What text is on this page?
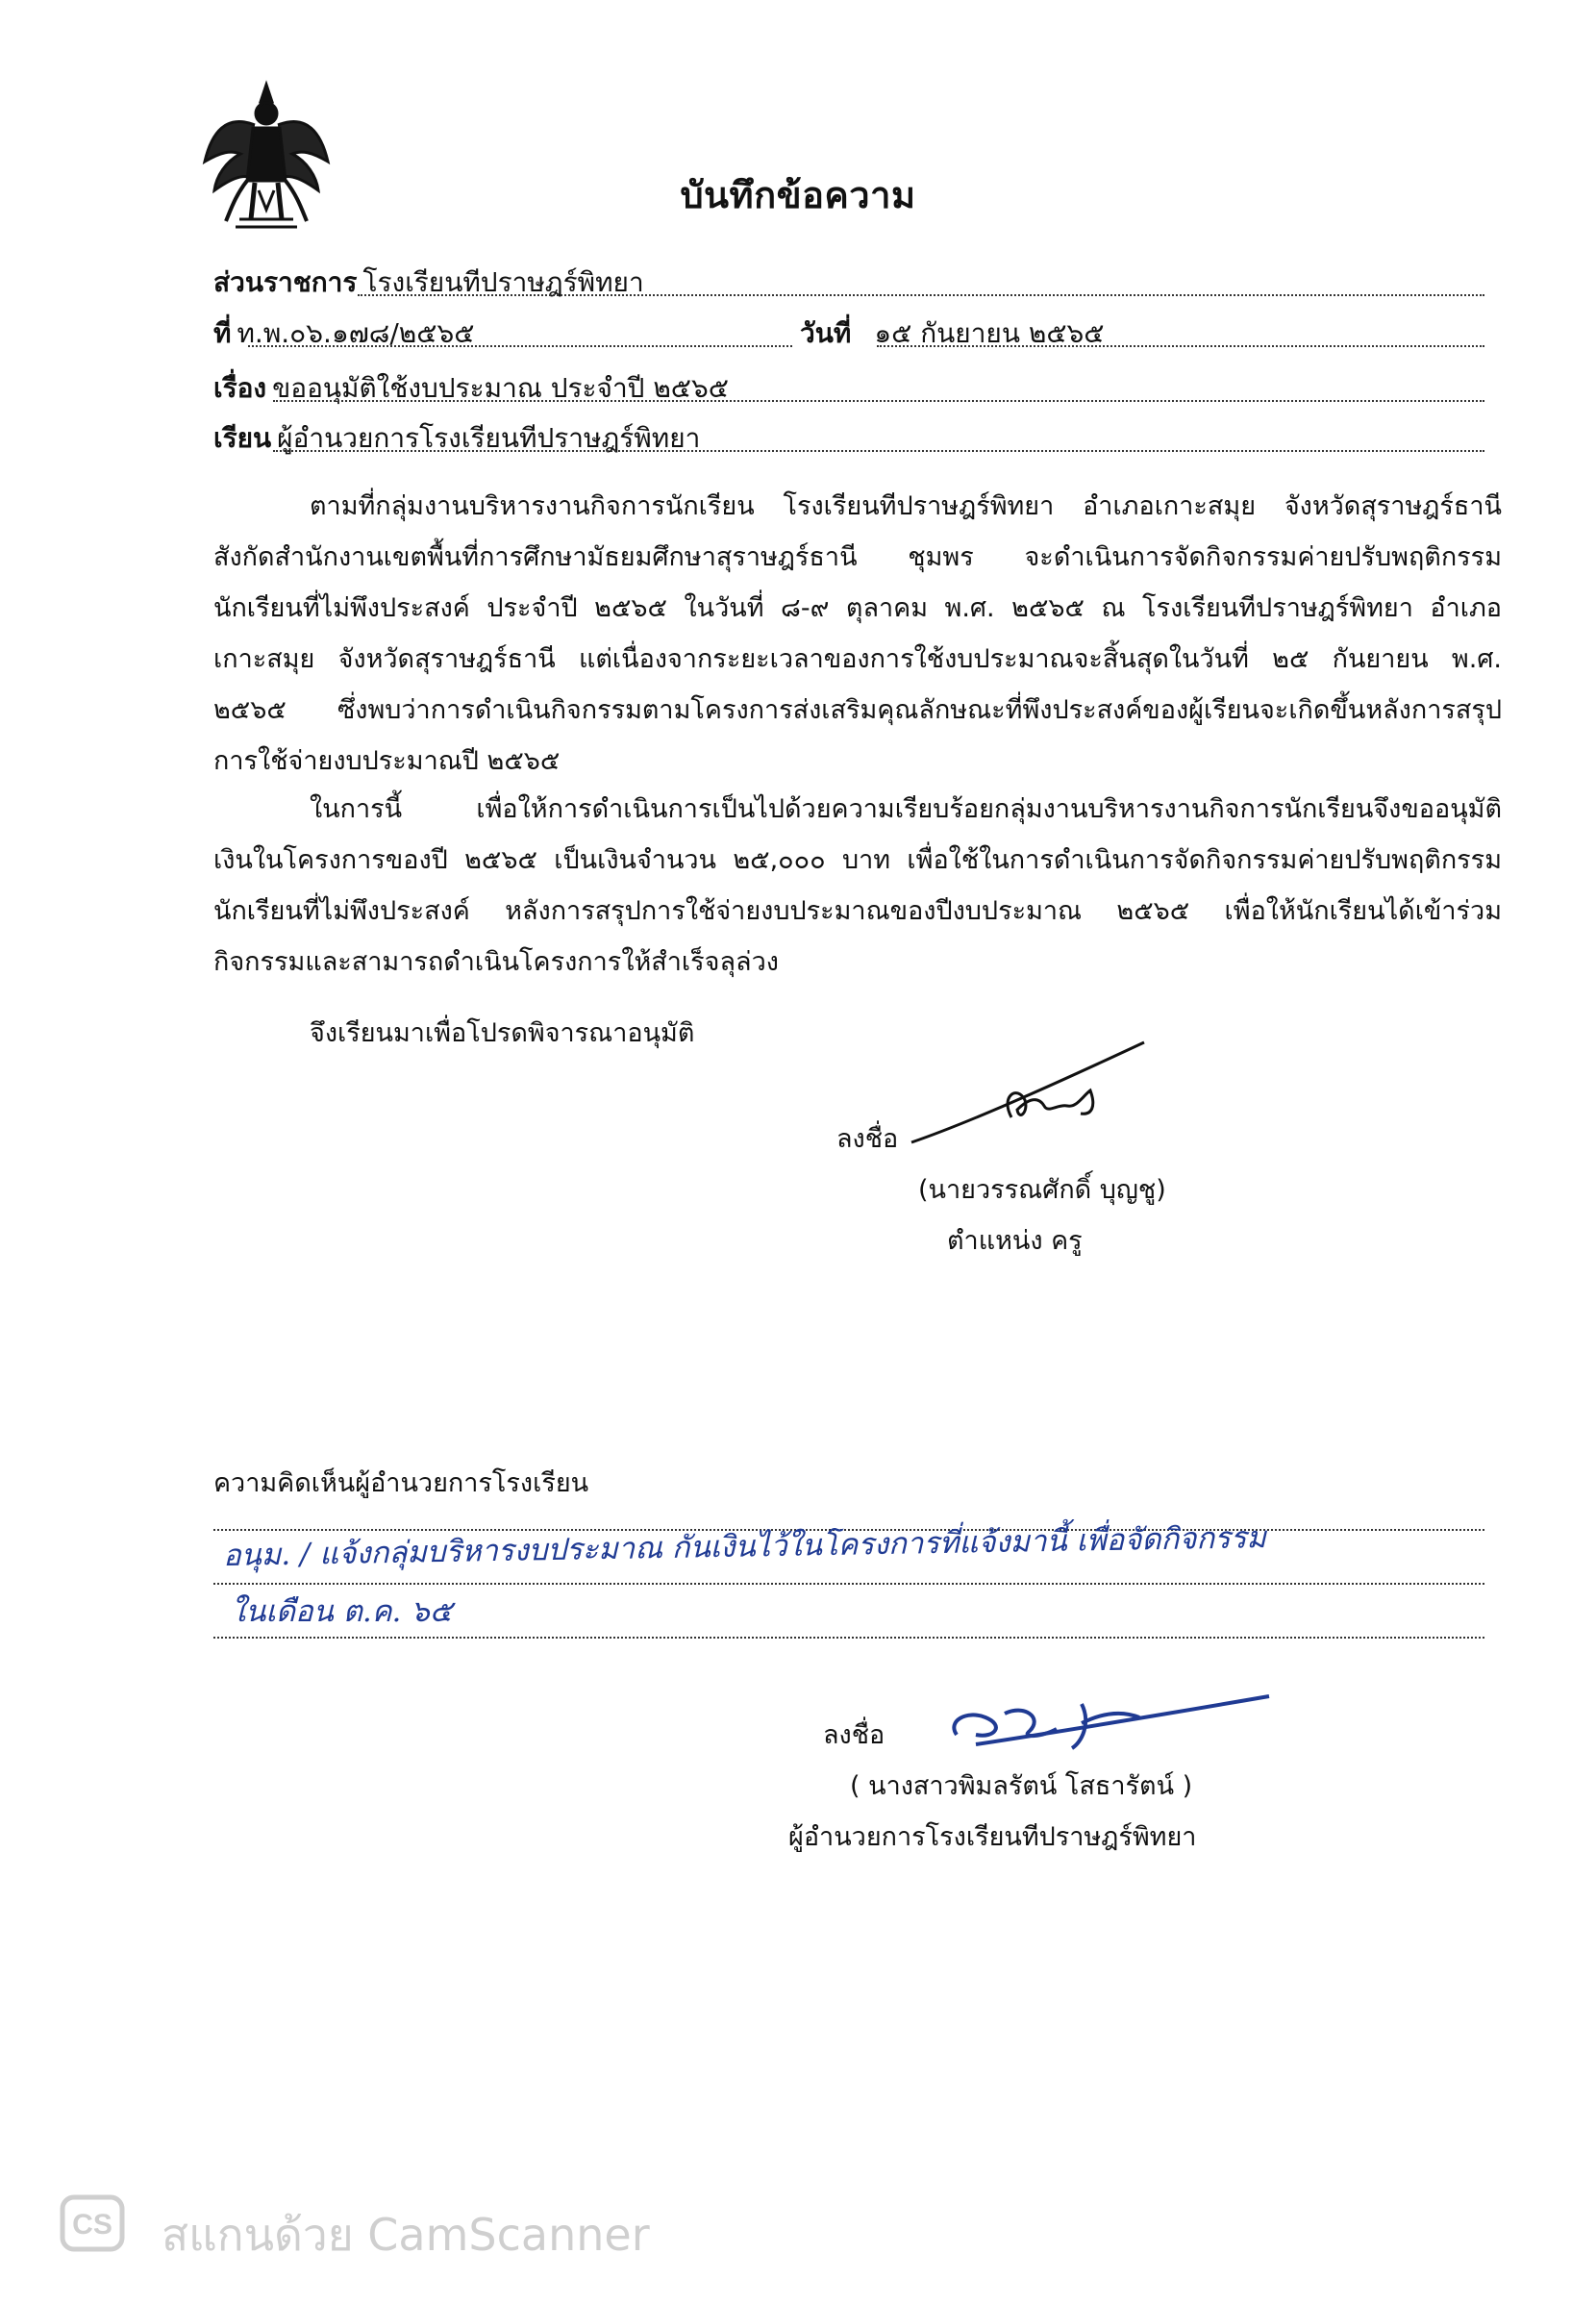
บันทึกข้อความ
ส่วนราชการ โรงเรียนทีปราษฎร์พิทยา
ที่ ท.พ.๐๖.๑๗๘/๒๕๖๕	วันที่ ๑๕ กันยายน ๒๕๖๕
เรื่อง ขออนุมัติใช้งบประมาณ ประจำปี ๒๕๖๕
เรียน ผู้อำนวยการโรงเรียนทีปราษฎร์พิทยา
ตามที่กลุ่มงานบริหารงานกิจการนักเรียน โรงเรียนทีปราษฎร์พิทยา อำเภอเกาะสมุย จังหวัดสุราษฎร์ธานี
สังกัดสำนักงานเขตพื้นที่การศึกษามัธยมศึกษาสุราษฎร์ธานี ชุมพร จะดำเนินการจัดกิจกรรมค่ายปรับพฤติกรรม
นักเรียนที่ไม่พึงประสงค์ ประจำปี ๒๕๖๕ ในวันที่ ๘-๙ ตุลาคม พ.ศ. ๒๕๖๕ ณ โรงเรียนทีปราษฎร์พิทยา อำเภอ
เกาะสมุย จังหวัดสุราษฎร์ธานี แต่เนื่องจากระยะเวลาของการใช้งบประมาณจะสิ้นสุดในวันที่ ๒๕ กันยายน พ.ศ.
๒๕๖๕ ซึ่งพบว่าการดำเนินกิจกรรมตามโครงการส่งเสริมคุณลักษณะที่พึงประสงค์ของผู้เรียนจะเกิดขึ้นหลังการสรุป
การใช้จ่ายงบประมาณปี ๒๕๖๕
ในการนี้ เพื่อให้การดำเนินการเป็นไปด้วยความเรียบร้อยกลุ่มงานบริหารงานกิจการนักเรียนจึงขออนุมัติ
เงินในโครงการของปี ๒๕๖๕ เป็นเงินจำนวน ๒๕,๐๐๐ บาท เพื่อใช้ในการดำเนินการจัดกิจกรรมค่ายปรับพฤติกรรม
นักเรียนที่ไม่พึงประสงค์ หลังการสรุปการใช้จ่ายงบประมาณของปีงบประมาณ ๒๕๖๕ เพื่อให้นักเรียนได้เข้าร่วม
กิจกรรมและสามารถดำเนินโครงการให้สำเร็จลุล่วง
จึงเรียนมาเพื่อโปรดพิจารณาอนุมัติ
ลงชื่อ
(นายวรรณศักดิ์ บุญชู)
ตำแหน่ง ครู
ความคิดเห็นผู้อำนวยการโรงเรียน
อนุม. / แจ้งกลุ่มบริหารงบประมาณ กันเงินไว้ในโครงการที่แจ้งมานี้ เพื่อจัดกิจกรรม
ในเดือน ต.ค. ๖๕
ลงชื่อ
( นางสาวพิมลรัตน์ โสธารัตน์ )
ผู้อำนวยการโรงเรียนทีปราษฎร์พิทยา
CS สแกนด้วย CamScanner
